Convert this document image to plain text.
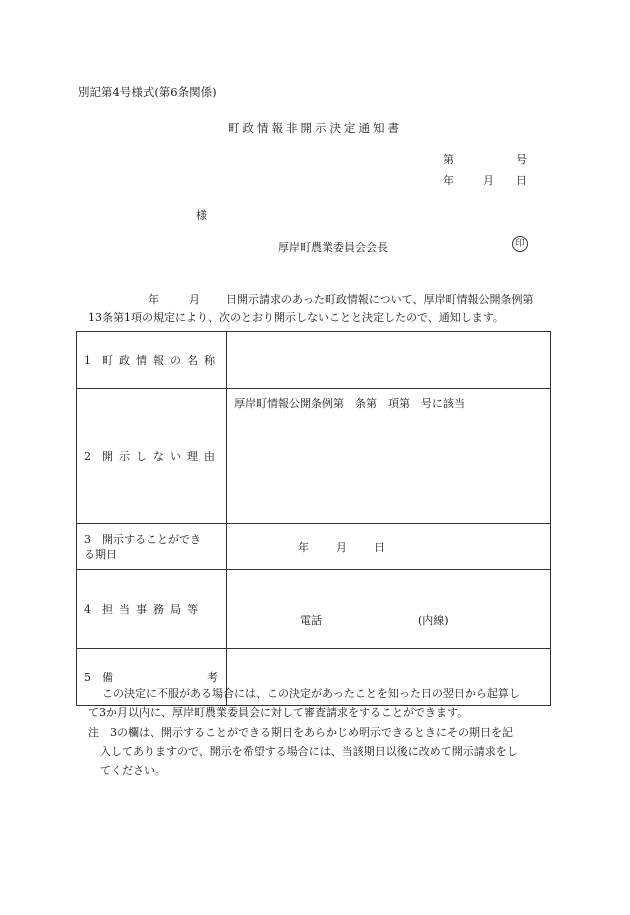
別記第4号様式(第6条関係)
町政情報非開示決定通知書
第	号
年	月 日
様
厚岸町農業委員会会長	印
年	月 日開示請求のあった町政情報について、厚岸町情報公開条例第
13条第1項の規定により、次のとおり開示しないことと決定したので、通知します。
1　 町政情報の名称	
2　 開示しない理由	厚岸町情報公開条例第　条第　項第　号に該当
3　 開示することができ
る期日	年 月 日
4　 担当事務局等	電話 (内線)

5　 備 考	

この決定に不服がある場合には、この決定があったことを知った日の翌日から起算し
て3か月以内に、厚岸町農業委員会に対して審査請求をすることができます。
注　3の欄は、開示することができる期日をあらかじめ明示できるときにその期日を記
入してありますので、開示を希望する場合には、当該期日以後に改めて開示請求をし
てください。
